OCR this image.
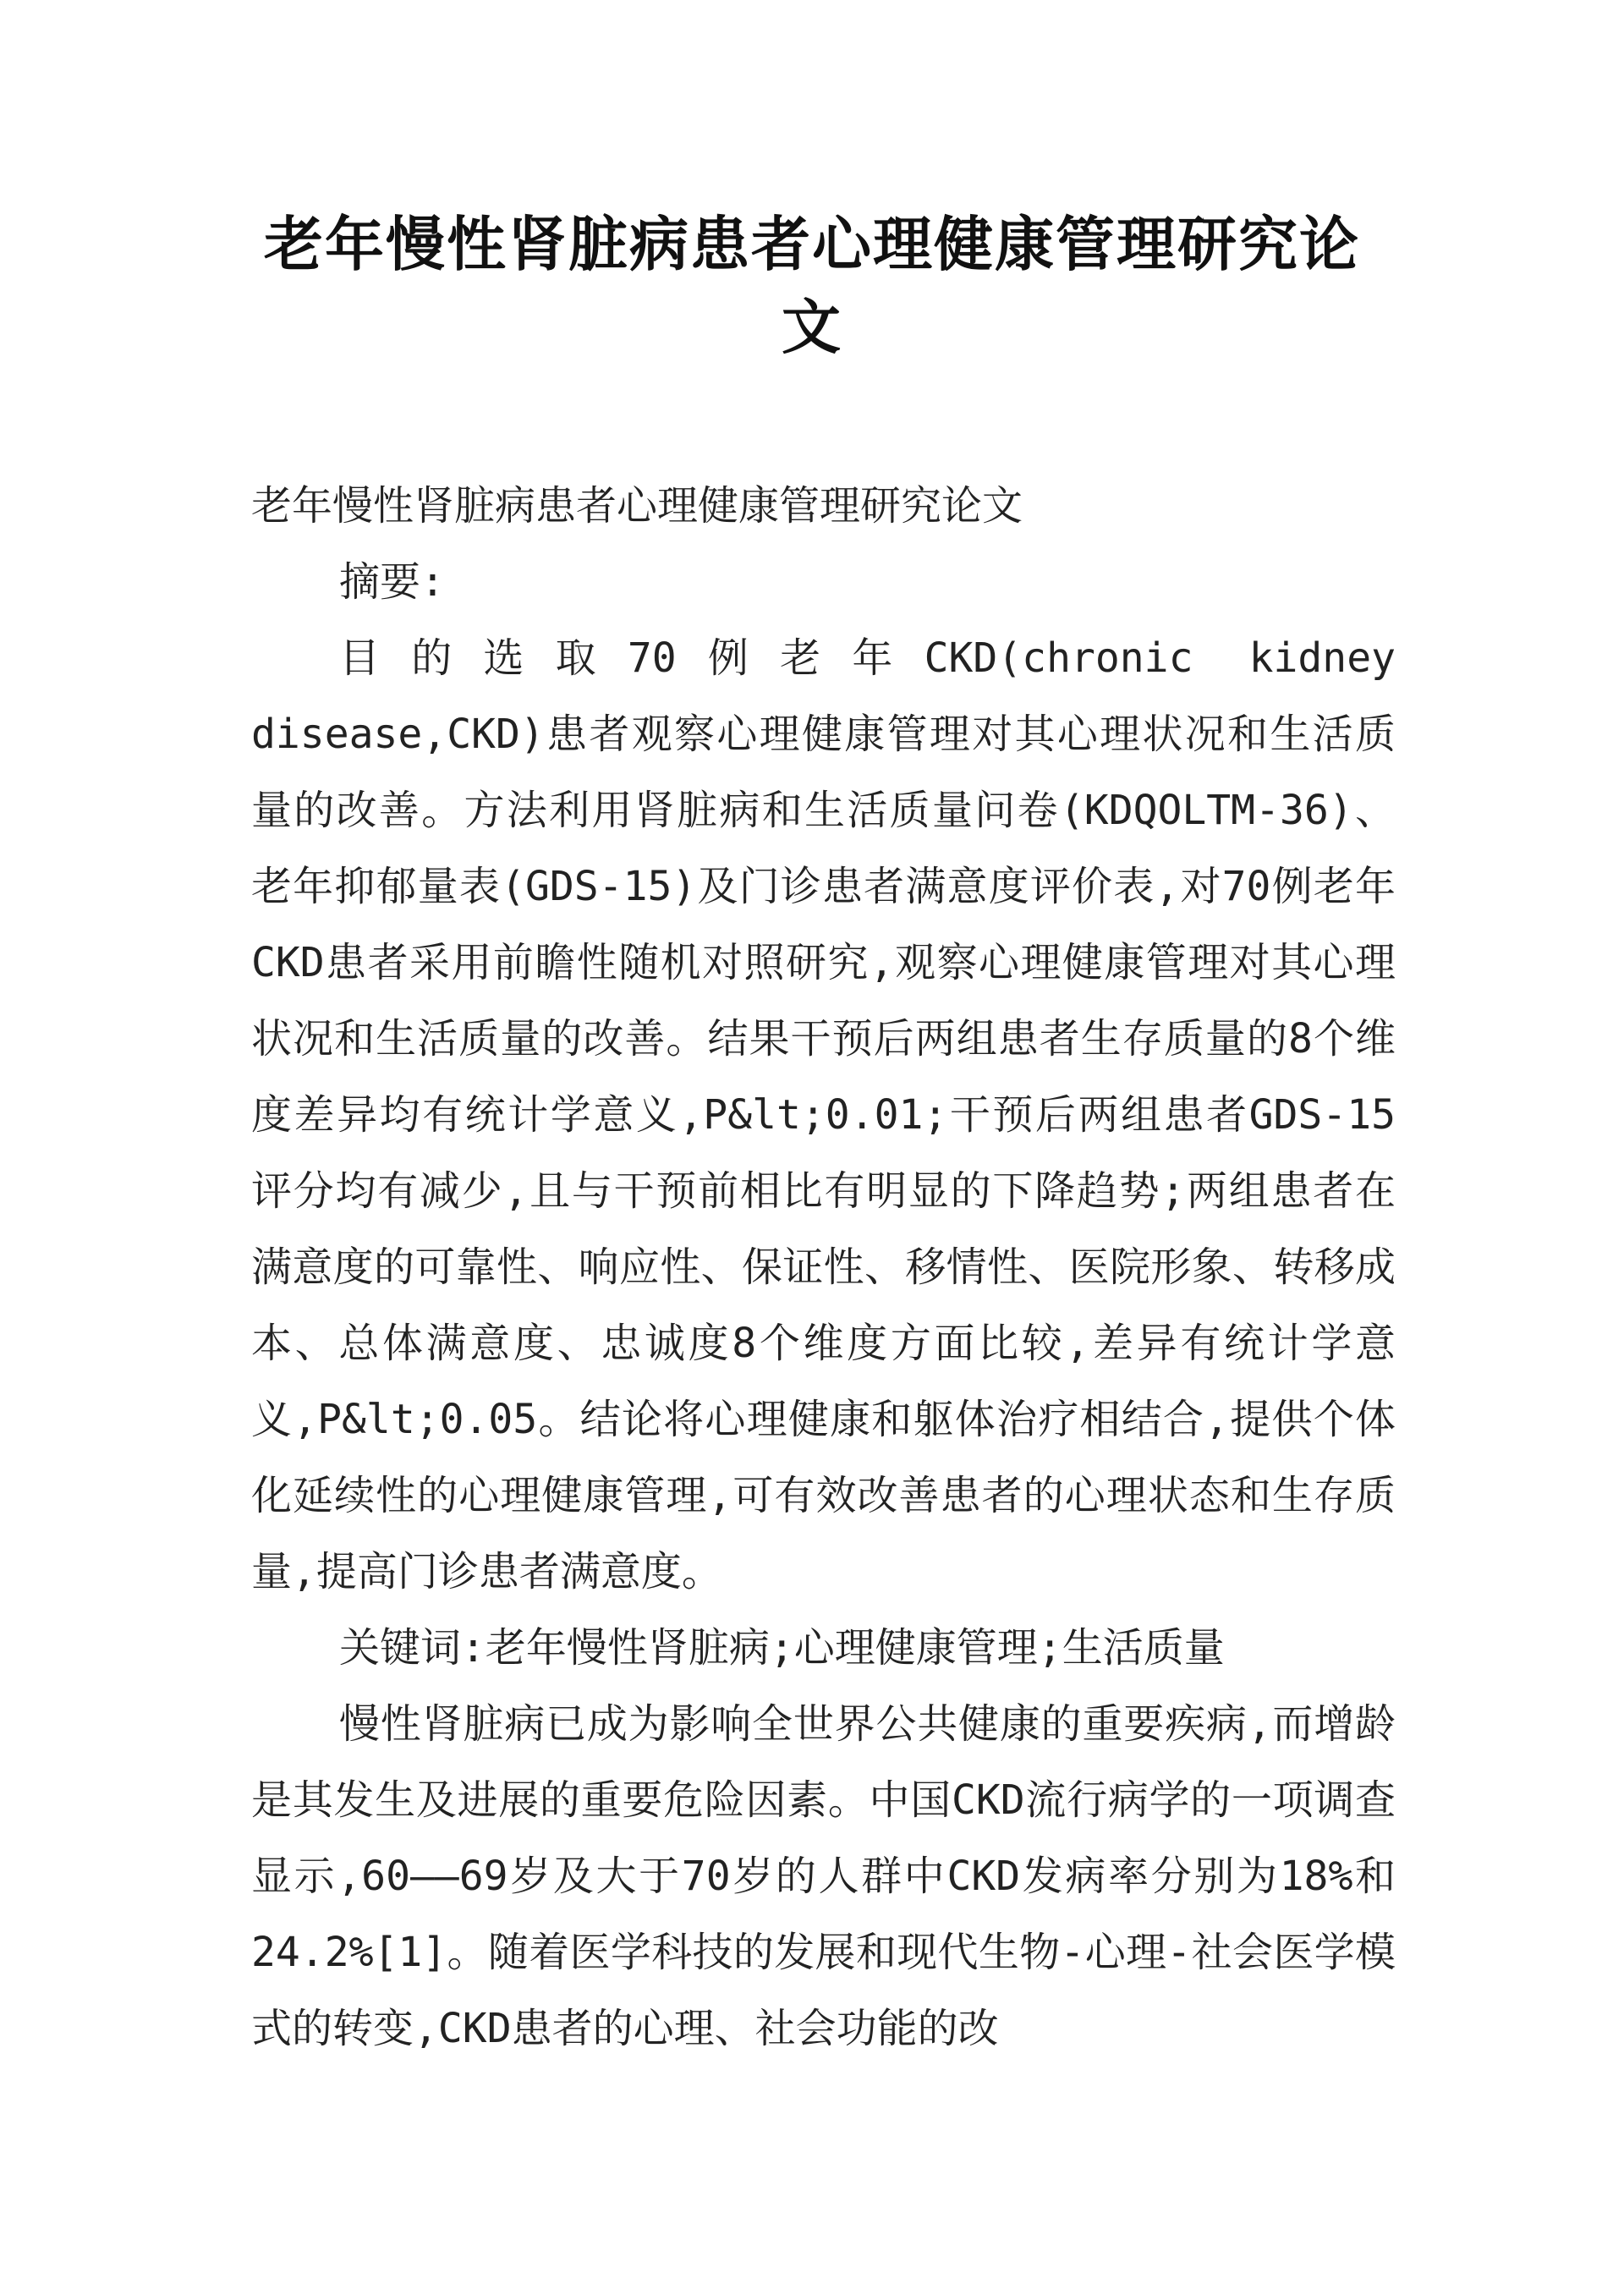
老年慢性肾脏病患者心理健康管理研究论文

老年慢性肾脏病患者心理健康管理研究论文

摘要:

目的选取70例老年CKD(chronic kidney disease,CKD)患者观察心理健康管理对其心理状况和生活质量的改善。方法利用肾脏病和生活质量问卷(KDQOLTM-36)、老年抑郁量表(GDS-15)及门诊患者满意度评价表,对70例老年CKD患者采用前瞻性随机对照研究,观察心理健康管理对其心理状况和生活质量的改善。结果干预后两组患者生存质量的8个维度差异均有统计学意义,P&lt;0.01;干预后两组患者GDS-15评分均有减少,且与干预前相比有明显的下降趋势;两组患者在满意度的可靠性、响应性、保证性、移情性、医院形象、转移成本、总体满意度、忠诚度8个维度方面比较,差异有统计学意义,P&lt;0.05。结论将心理健康和躯体治疗相结合,提供个体化延续性的心理健康管理,可有效改善患者的心理状态和生存质量,提高门诊患者满意度。

关键词:老年慢性肾脏病;心理健康管理;生活质量

慢性肾脏病已成为影响全世界公共健康的重要疾病,而增龄是其发生及进展的重要危险因素。中国CKD流行病学的一项调查显示,60——69岁及大于70岁的人群中CKD发病率分别为18%和24.2%[1]。随着医学科技的发展和现代生物-心理-社会医学模式的转变,CKD患者的心理、社会功能的改
